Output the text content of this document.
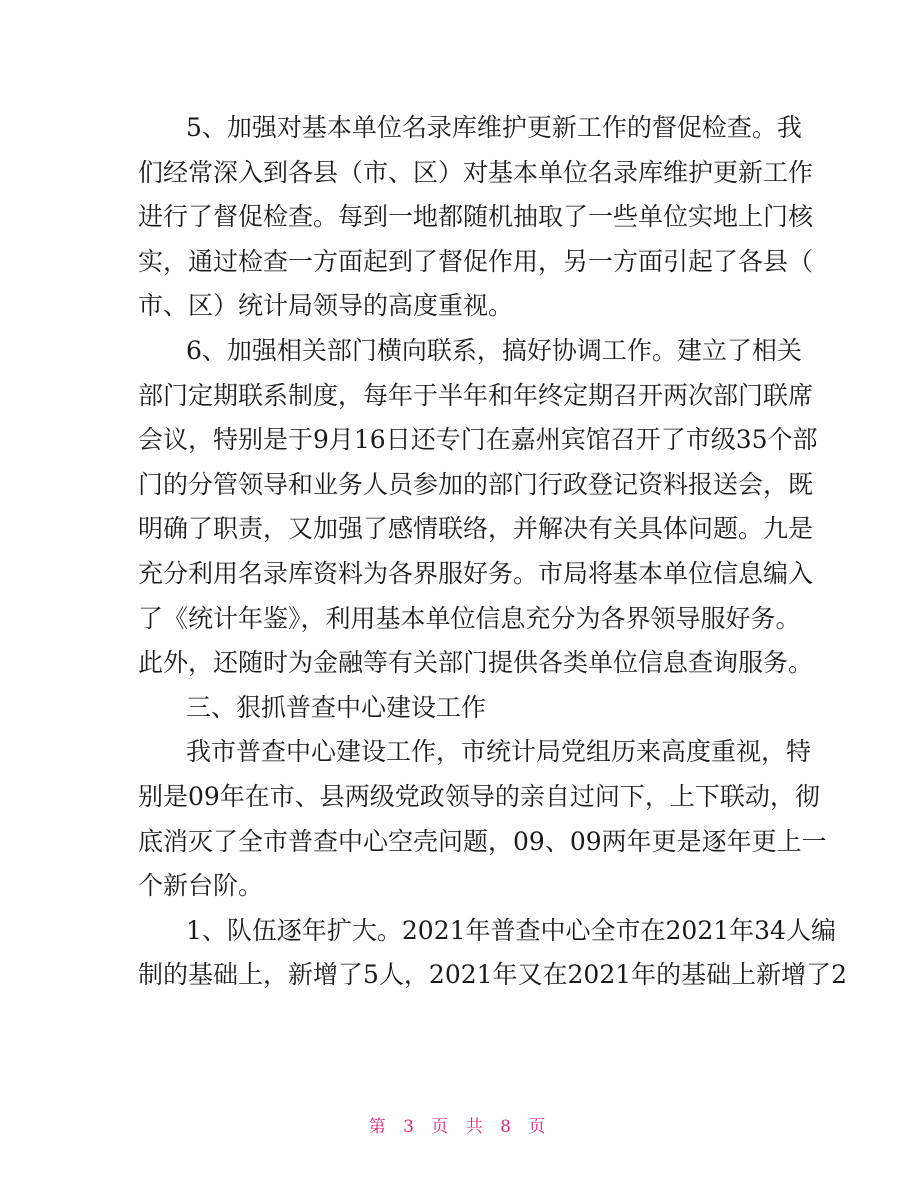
5、加强对基本单位名录库维护更新工作的督促检查。我
们经常深入到各县（市、区）对基本单位名录库维护更新工作
进行了督促检查。每到一地都随机抽取了一些单位实地上门核
实，通过检查一方面起到了督促作用，另一方面引起了各县（
市、区）统计局领导的高度重视。
6、加强相关部门横向联系，搞好协调工作。建立了相关
部门定期联系制度，每年于半年和年终定期召开两次部门联席
会议，特别是于9月16日还专门在嘉州宾馆召开了市级35个部
门的分管领导和业务人员参加的部门行政登记资料报送会，既
明确了职责，又加强了感情联络，并解决有关具体问题。九是
充分利用名录库资料为各界服好务。市局将基本单位信息编入
了《统计年鉴》，利用基本单位信息充分为各界领导服好务。
此外，还随时为金融等有关部门提供各类单位信息查询服务。
三、狠抓普查中心建设工作
我市普查中心建设工作，市统计局党组历来高度重视，特
别是09年在市、县两级党政领导的亲自过问下，上下联动，彻
底消灭了全市普查中心空壳问题，09、09两年更是逐年更上一
个新台阶。
1、队伍逐年扩大。2021年普查中心全市在2021年34人编
制的基础上，新增了5人，2021年又在2021年的基础上新增了2
第 3 页 共 8 页
